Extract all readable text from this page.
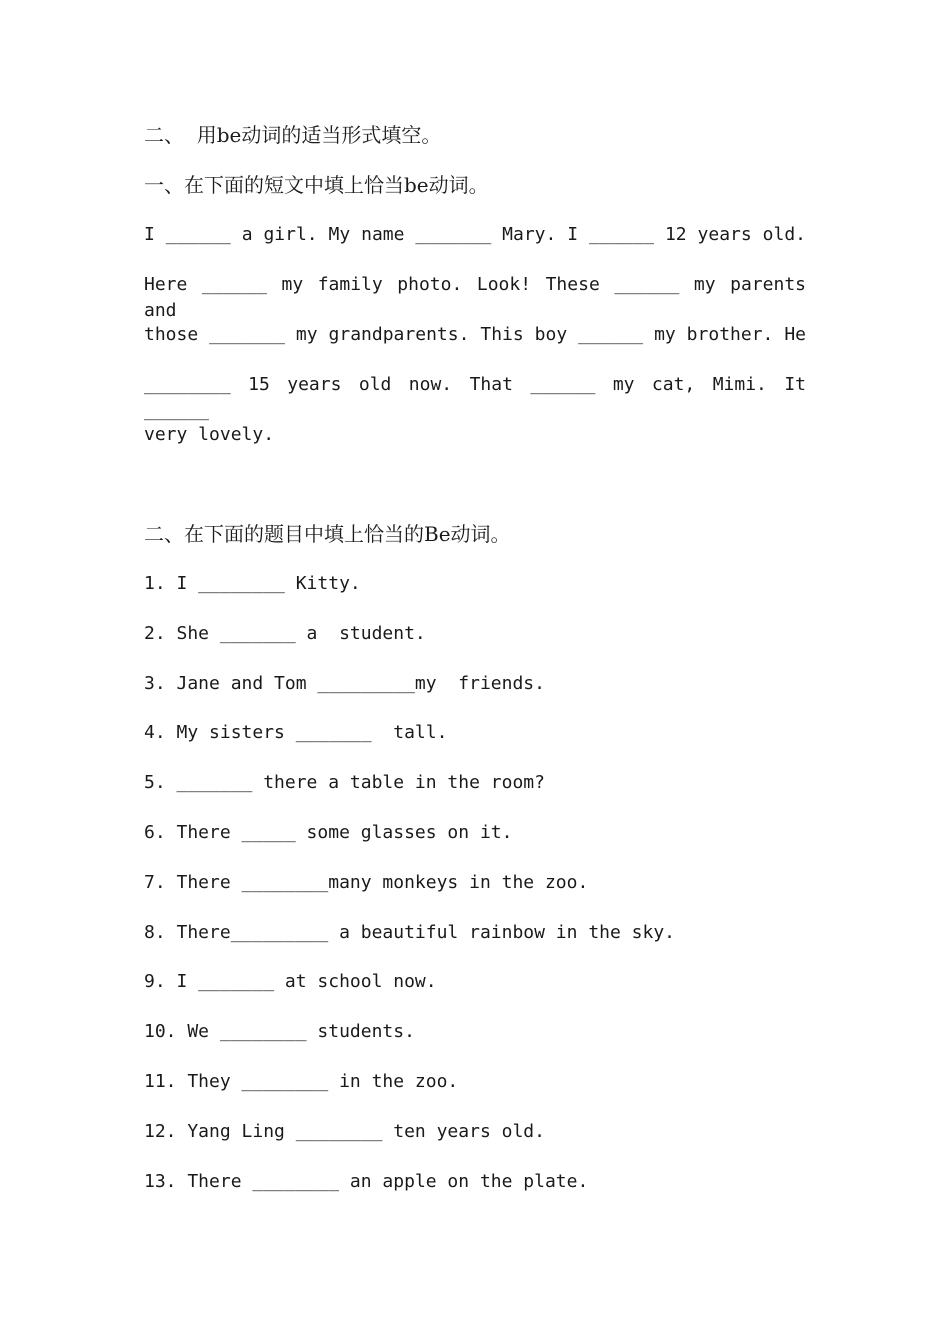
二、  用be动词的适当形式填空。
一、在下面的短文中填上恰当be动词。
I ______ a girl. My name _______ Mary. I ______ 12 years old.
Here ______ my family photo. Look! These ______ my parents and
those _______ my grandparents. This boy ______ my brother. He
________ 15 years old now. That ______ my cat, Mimi. It ______
very lovely.
二、在下面的题目中填上恰当的Be动词。
1. I ________ Kitty.
2. She _______ a  student.
3. Jane and Tom _________my  friends.
4. My sisters _______  tall.
5. _______ there a table in the room?
6. There _____ some glasses on it.
7. There ________many monkeys in the zoo.
8. There_________ a beautiful rainbow in the sky.
9. I _______ at school now.
10. We ________ students.
11. They ________ in the zoo.
12. Yang Ling ________ ten years old.
13. There ________ an apple on the plate.
